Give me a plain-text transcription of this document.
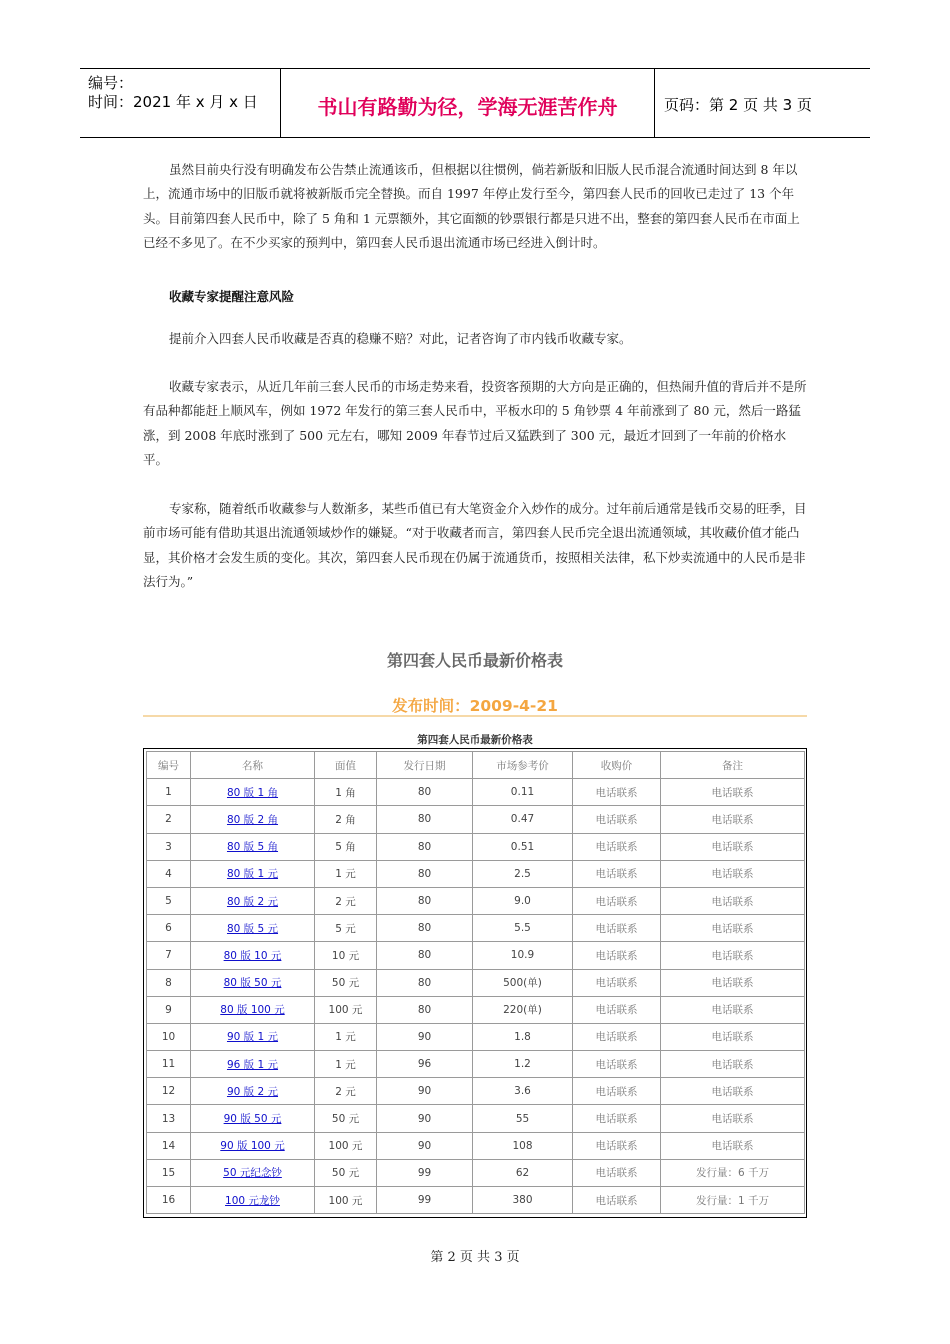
编号：
时间：2021 年 x 月 x 日	书山有路勤为径，学海无涯苦作舟	页码：第 2 页 共 3 页

虽然目前央行没有明确发布公告禁止流通该币，但根据以往惯例，倘若新版和旧版人民币混合流通时间达到 8 年以上，流通市场中的旧版币就将被新版币完全替换。而自 1997 年停止发行至今，第四套人民币的回收已走过了 13 个年头。目前第四套人民币中，除了 5 角和 1 元票额外，其它面额的钞票银行都是只进不出，整套的第四套人民币在市面上已经不多见了。在不少买家的预判中，第四套人民币退出流通市场已经进入倒计时。

收藏专家提醒注意风险

提前介入四套人民币收藏是否真的稳赚不赔？对此，记者咨询了市内钱币收藏专家。

收藏专家表示，从近几年前三套人民币的市场走势来看，投资客预期的大方向是正确的，但热闹升值的背后并不是所有品种都能赶上顺风车，例如 1972 年发行的第三套人民币中，平板水印的 5 角钞票 4 年前涨到了 80 元，然后一路猛涨，到 2008 年底时涨到了 500 元左右，哪知 2009 年春节过后又猛跌到了 300 元，最近才回到了一年前的价格水平。

专家称，随着纸币收藏参与人数渐多，某些币值已有大笔资金介入炒作的成分。过年前后通常是钱币交易的旺季，目前市场可能有借助其退出流通领域炒作的嫌疑。“对于收藏者而言，第四套人民币完全退出流通领域，其收藏价值才能凸显，其价格才会发生质的变化。其次，第四套人民币现在仍属于流通货币，按照相关法律，私下炒卖流通中的人民币是非法行为。”

第四套人民币最新价格表
发布时间：2009-4-21
第四套人民币最新价格表
编号	名称	面值	发行日期	市场参考价	收购价	备注
1	80 版 1 角	1 角	80	0.11	电话联系	电话联系
2	80 版 2 角	2 角	80	0.47	电话联系	电话联系
3	80 版 5 角	5 角	80	0.51	电话联系	电话联系
4	80 版 1 元	1 元	80	2.5	电话联系	电话联系
5	80 版 2 元	2 元	80	9.0	电话联系	电话联系
6	80 版 5 元	5 元	80	5.5	电话联系	电话联系
7	80 版 10 元	10 元	80	10.9	电话联系	电话联系
8	80 版 50 元	50 元	80	500(单)	电话联系	电话联系
9	80 版 100 元	100 元	80	220(单)	电话联系	电话联系
10	90 版 1 元	1 元	90	1.8	电话联系	电话联系
11	96 版 1 元	1 元	96	1.2	电话联系	电话联系
12	90 版 2 元	2 元	90	3.6	电话联系	电话联系
13	90 版 50 元	50 元	90	55	电话联系	电话联系
14	90 版 100 元	100 元	90	108	电话联系	电话联系
15	50 元纪念钞	50 元	99	62	电话联系	发行量：6 千万
16	100 元龙钞	100 元	99	380	电话联系	发行量：1 千万
第 2 页 共 3 页
